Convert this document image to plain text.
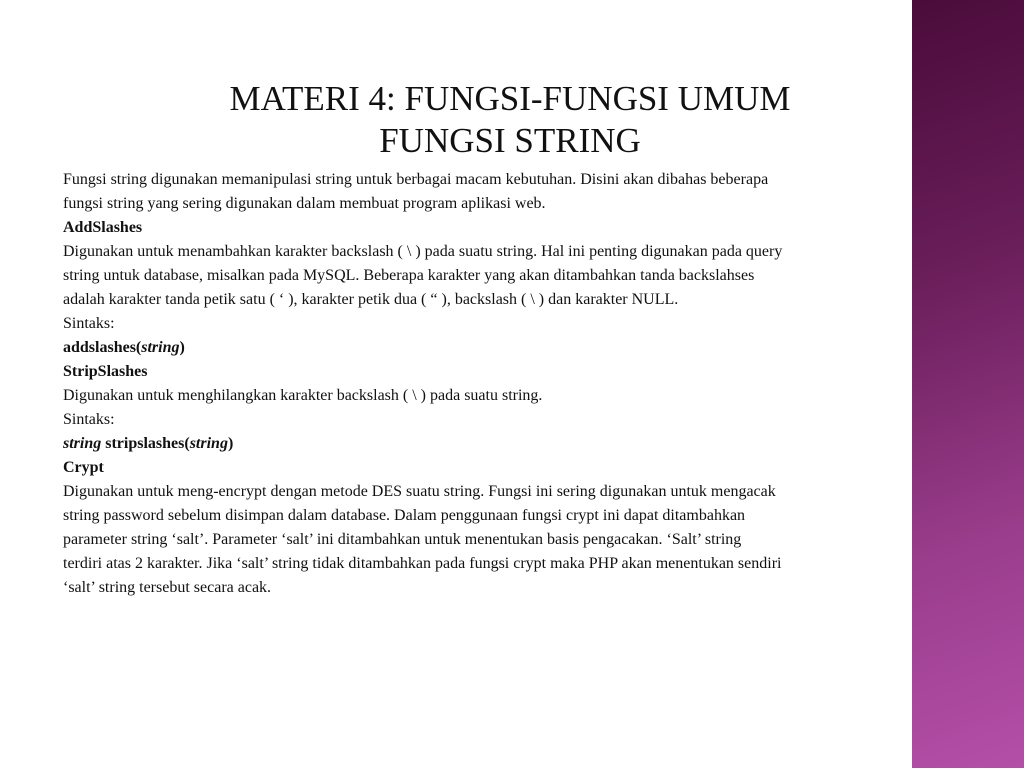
MATERI 4: FUNGSI-FUNGSI UMUM
FUNGSI STRING

Fungsi string digunakan memanipulasi string untuk berbagai macam kebutuhan. Disini akan dibahas beberapa fungsi string yang sering digunakan dalam membuat program aplikasi web.

AddSlashes

Digunakan untuk menambahkan karakter backslash ( \ ) pada suatu string. Hal ini penting digunakan pada query string untuk database, misalkan pada MySQL. Beberapa karakter yang akan ditambahkan tanda backslahses adalah karakter tanda petik satu ( ‘ ), karakter petik dua ( “ ), backslash ( \ ) dan karakter NULL.

Sintaks:

addslashes(string)

StripSlashes

Digunakan untuk menghilangkan karakter backslash ( \ ) pada suatu string.

Sintaks:

string stripslashes(string)

Crypt

Digunakan untuk meng-encrypt dengan metode DES suatu string. Fungsi ini sering digunakan untuk mengacak string password sebelum disimpan dalam database. Dalam penggunaan fungsi crypt ini dapat ditambahkan parameter string ‘salt’. Parameter ‘salt’ ini ditambahkan untuk menentukan basis pengacakan. ‘Salt’ string terdiri atas 2 karakter. Jika ‘salt’ string tidak ditambahkan pada fungsi crypt maka PHP akan menentukan sendiri ‘salt’ string tersebut secara acak.
